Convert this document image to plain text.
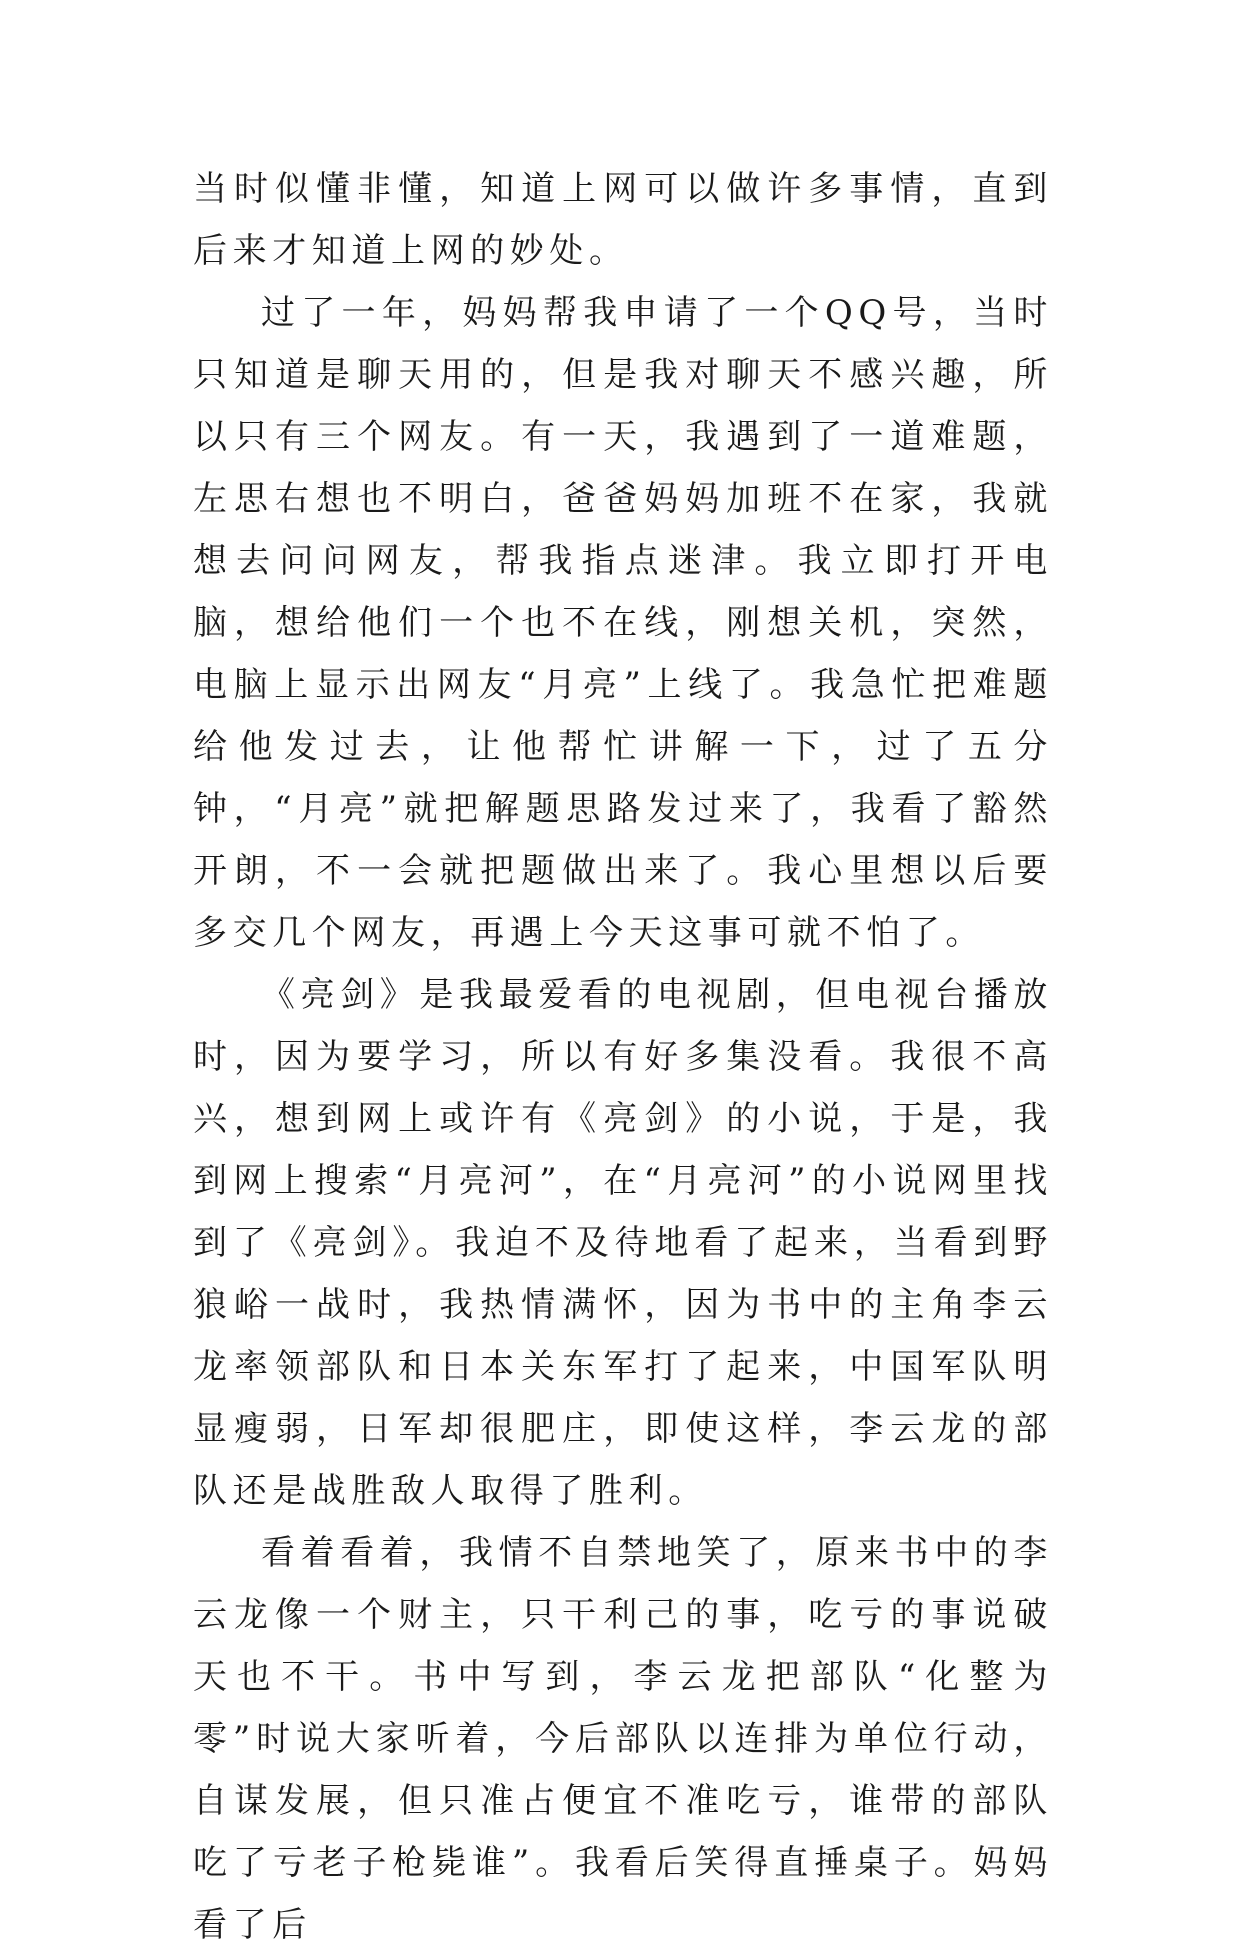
当时似懂非懂，知道上网可以做许多事情，直到后来才知道上网的妙处。

过了一年，妈妈帮我申请了一个QQ号，当时只知道是聊天用的，但是我对聊天不感兴趣，所以只有三个网友。有一天，我遇到了一道难题，左思右想也不明白，爸爸妈妈加班不在家，我就想去问问网友，帮我指点迷津。我立即打开电脑，想给他们一个也不在线，刚想关机，突然，电脑上显示出网友“月亮”上线了。我急忙把难题给他发过去，让他帮忙讲解一下，过了五分钟，“月亮”就把解题思路发过来了，我看了豁然开朗，不一会就把题做出来了。我心里想以后要多交几个网友，再遇上今天这事可就不怕了。

《亮剑》是我最爱看的电视剧，但电视台播放时，因为要学习，所以有好多集没看。我很不高兴，想到网上或许有《亮剑》的小说，于是，我到网上搜索“月亮河”，在“月亮河”的小说网里找到了《亮剑》。我迫不及待地看了起来，当看到野狼峪一战时，我热情满怀，因为书中的主角李云龙率领部队和日本关东军打了起来，中国军队明显瘦弱，日军却很肥庄，即使这样，李云龙的部队还是战胜敌人取得了胜利。

看着看着，我情不自禁地笑了，原来书中的李云龙像一个财主，只干利己的事，吃亏的事说破天也不干。书中写到，李云龙把部队“化整为零”时说大家听着，今后部队以连排为单位行动，自谋发展，但只准占便宜不准吃亏，谁带的部队吃了亏老子枪毙谁”。我看后笑得直捶桌子。妈妈看了后
